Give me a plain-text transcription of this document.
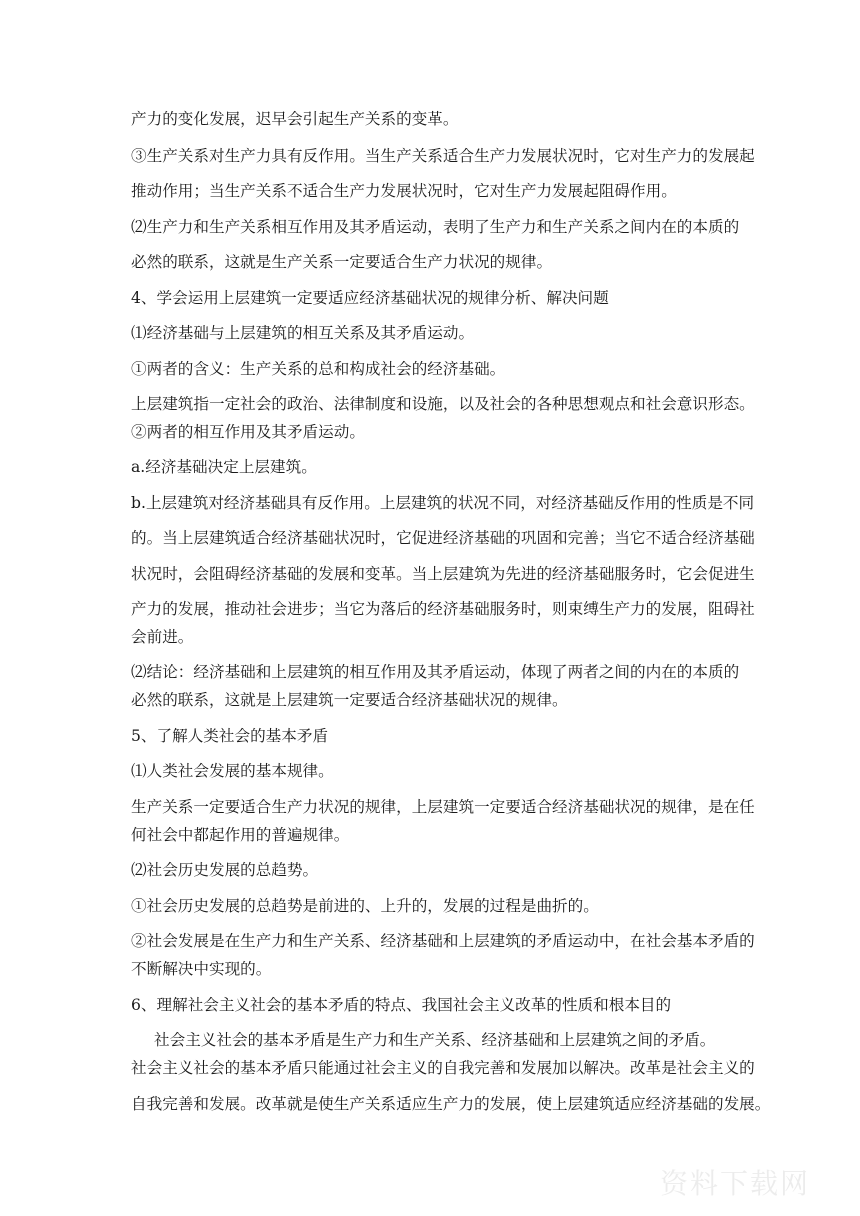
产力的变化发展，迟早会引起生产关系的变革。
③生产关系对生产力具有反作用。当生产关系适合生产力发展状况时，它对生产力的发展起
推动作用；当生产关系不适合生产力发展状况时，它对生产力发展起阻碍作用。
⑵生产力和生产关系相互作用及其矛盾运动，表明了生产力和生产关系之间内在的本质的
必然的联系，这就是生产关系一定要适合生产力状况的规律。
4、学会运用上层建筑一定要适应经济基础状况的规律分析、解决问题
⑴经济基础与上层建筑的相互关系及其矛盾运动。
①两者的含义：生产关系的总和构成社会的经济基础。
上层建筑指一定社会的政治、法律制度和设施，以及社会的各种思想观点和社会意识形态。
②两者的相互作用及其矛盾运动。
a.经济基础决定上层建筑。
b.上层建筑对经济基础具有反作用。上层建筑的状况不同，对经济基础反作用的性质是不同
的。当上层建筑适合经济基础状况时，它促进经济基础的巩固和完善；当它不适合经济基础
状况时，会阻碍经济基础的发展和变革。当上层建筑为先进的经济基础服务时，它会促进生
产力的发展，推动社会进步；当它为落后的经济基础服务时，则束缚生产力的发展，阻碍社
会前进。
⑵结论：经济基础和上层建筑的相互作用及其矛盾运动，体现了两者之间的内在的本质的
必然的联系，这就是上层建筑一定要适合经济基础状况的规律。
5、了解人类社会的基本矛盾
⑴人类社会发展的基本规律。
生产关系一定要适合生产力状况的规律，上层建筑一定要适合经济基础状况的规律，是在任
何社会中都起作用的普遍规律。
⑵社会历史发展的总趋势。
①社会历史发展的总趋势是前进的、上升的，发展的过程是曲折的。
②社会发展是在生产力和生产关系、经济基础和上层建筑的矛盾运动中，在社会基本矛盾的
不断解决中实现的。
6、理解社会主义社会的基本矛盾的特点、我国社会主义改革的性质和根本目的
社会主义社会的基本矛盾是生产力和生产关系、经济基础和上层建筑之间的矛盾。
社会主义社会的基本矛盾只能通过社会主义的自我完善和发展加以解决。改革是社会主义的
自我完善和发展。改革就是使生产关系适应生产力的发展，使上层建筑适应经济基础的发展。
资料下载网
